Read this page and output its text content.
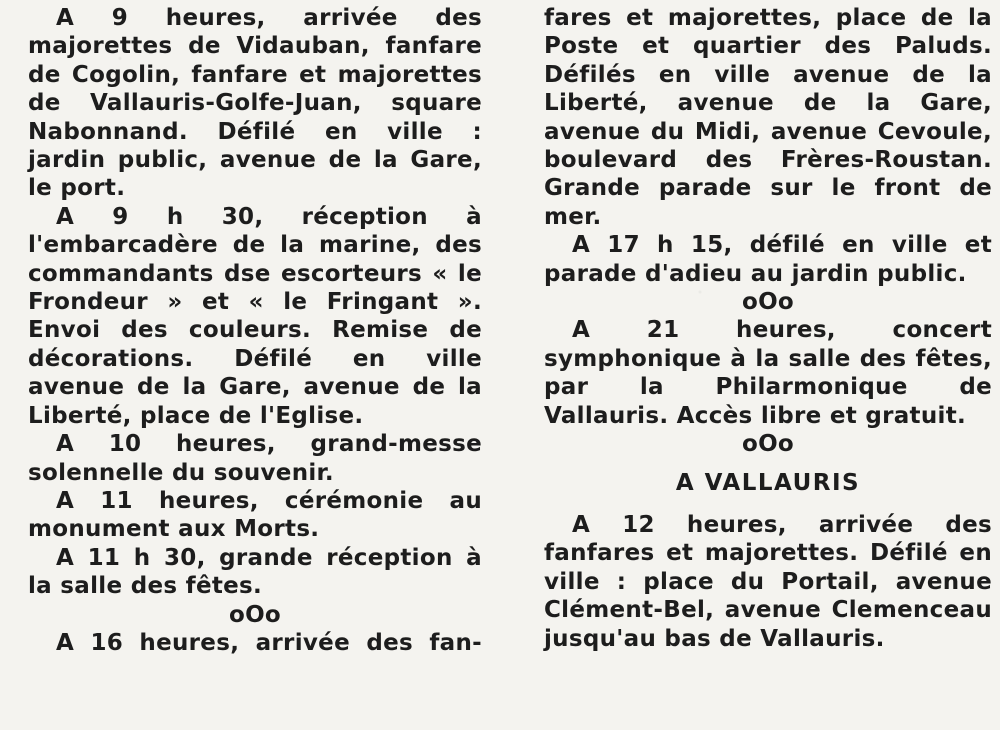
A 9 heures, arrivée des majorettes de Vidauban, fanfare de Cogolin, fanfare et majorettes de Vallauris-Golfe-Juan, square Nabonnand. Défilé en ville : jardin public, avenue de la Gare, le port.

A 9 h 30, réception à l'embarcadère de la marine, des commandants dse escorteurs « le Frondeur » et « le Fringant ». Envoi des couleurs. Remise de décorations. Défilé en ville avenue de la Gare, avenue de la Liberté, place de l'Eglise.

A 10 heures, grand-messe solennelle du souvenir.

A 11 heures, cérémonie au monument aux Morts.

A 11 h 30, grande réception à la salle des fêtes.

oOo

A 16 heures, arrivée des fan-

fares et majorettes, place de la Poste et quartier des Paluds. Défilés en ville avenue de la Liberté, avenue de la Gare, avenue du Midi, avenue Cevoule, boulevard des Frères-Roustan. Grande parade sur le front de mer.

A 17 h 15, défilé en ville et parade d'adieu au jardin public.

oOo

A 21 heures, concert symphonique à la salle des fêtes, par la Philarmonique de Vallauris. Accès libre et gratuit.

oOo

A VALLAURIS

A 12 heures, arrivée des fanfares et majorettes. Défilé en ville : place du Portail, avenue Clément-Bel, avenue Clemenceau jusqu'au bas de Vallauris.
